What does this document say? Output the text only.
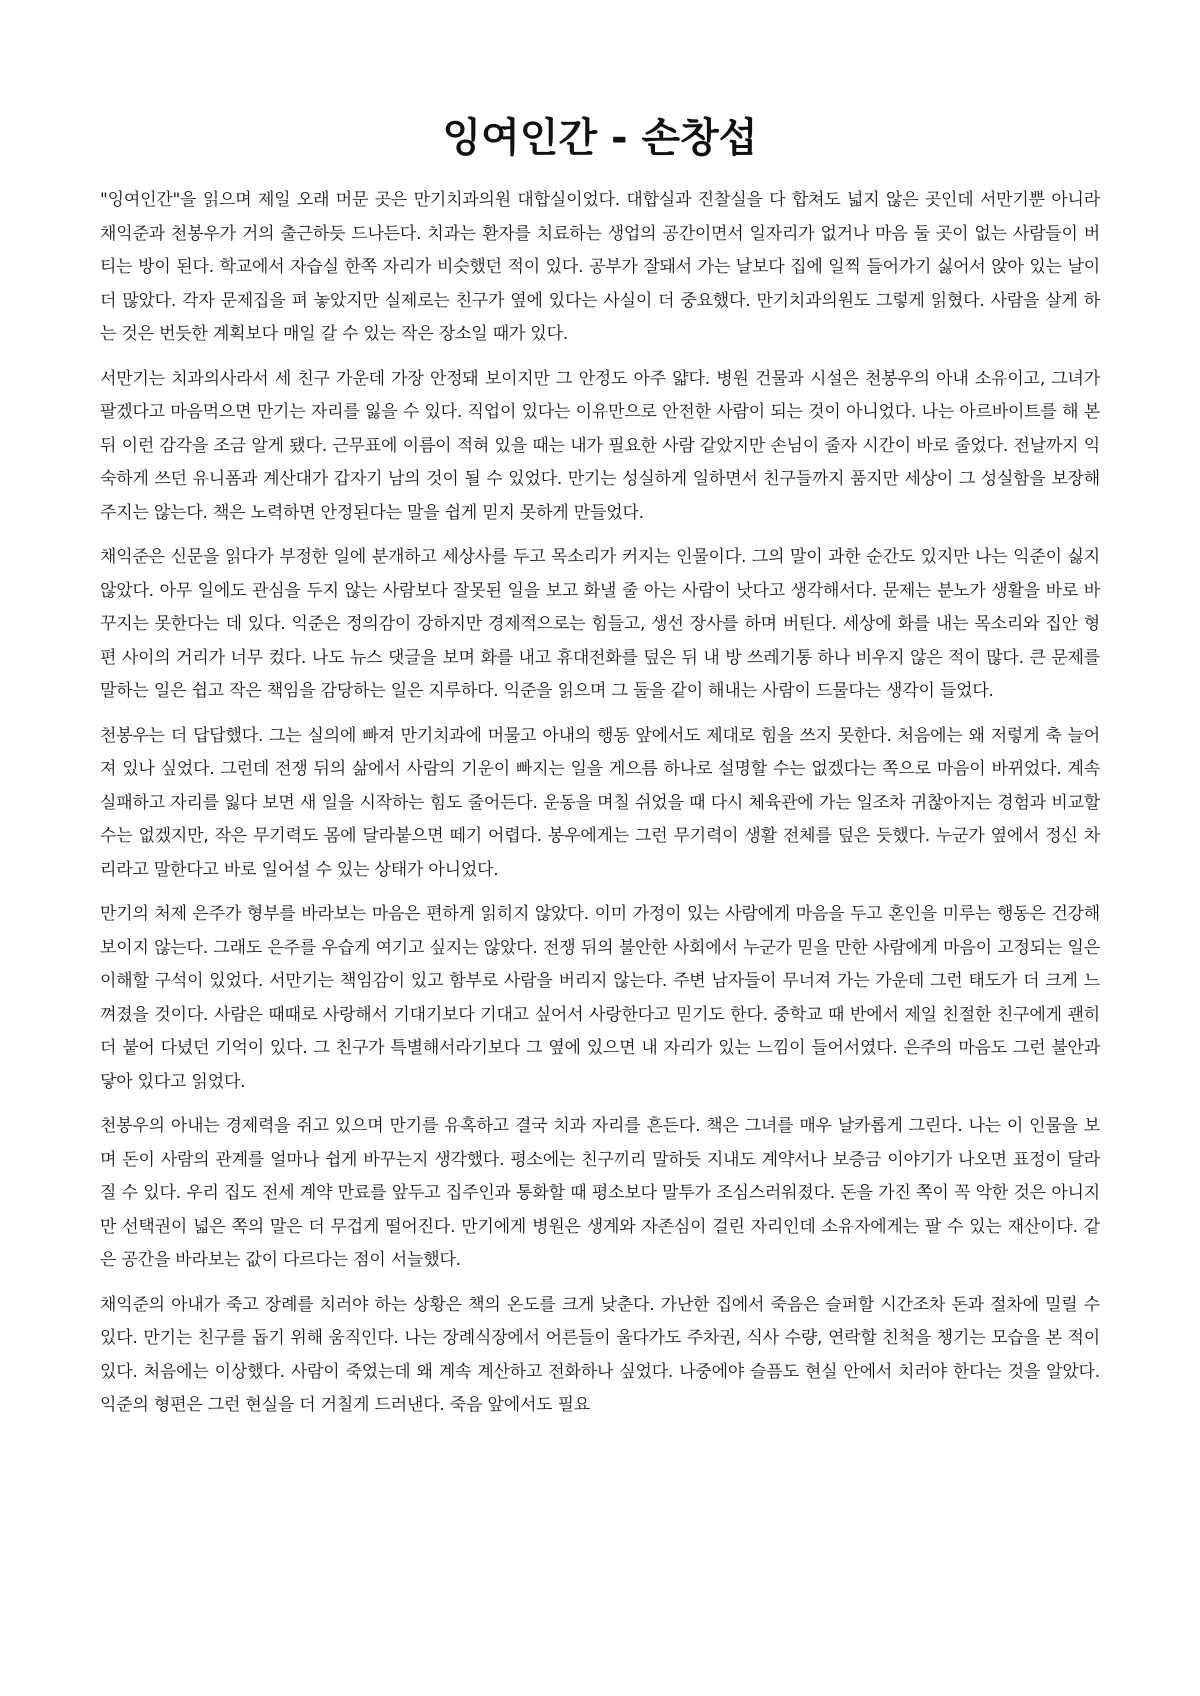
잉여인간 - 손창섭

"잉여인간"을 읽으며 제일 오래 머문 곳은 만기치과의원 대합실이었다. 대합실과 진찰실을 다 합쳐도 넓지 않은 곳인데 서만기뿐 아니라 채익준과 천봉우가 거의 출근하듯 드나든다. 치과는 환자를 치료하는 생업의 공간이면서 일자리가 없거나 마음 둘 곳이 없는 사람들이 버티는 방이 된다. 학교에서 자습실 한쪽 자리가 비슷했던 적이 있다. 공부가 잘돼서 가는 날보다 집에 일찍 들어가기 싫어서 앉아 있는 날이 더 많았다. 각자 문제집을 펴 놓았지만 실제로는 친구가 옆에 있다는 사실이 더 중요했다. 만기치과의원도 그렇게 읽혔다. 사람을 살게 하는 것은 번듯한 계획보다 매일 갈 수 있는 작은 장소일 때가 있다.

서만기는 치과의사라서 세 친구 가운데 가장 안정돼 보이지만 그 안정도 아주 얇다. 병원 건물과 시설은 천봉우의 아내 소유이고, 그녀가 팔겠다고 마음먹으면 만기는 자리를 잃을 수 있다. 직업이 있다는 이유만으로 안전한 사람이 되는 것이 아니었다. 나는 아르바이트를 해 본 뒤 이런 감각을 조금 알게 됐다. 근무표에 이름이 적혀 있을 때는 내가 필요한 사람 같았지만 손님이 줄자 시간이 바로 줄었다. 전날까지 익숙하게 쓰던 유니폼과 계산대가 갑자기 남의 것이 될 수 있었다. 만기는 성실하게 일하면서 친구들까지 품지만 세상이 그 성실함을 보장해 주지는 않는다. 책은 노력하면 안정된다는 말을 쉽게 믿지 못하게 만들었다.

채익준은 신문을 읽다가 부정한 일에 분개하고 세상사를 두고 목소리가 커지는 인물이다. 그의 말이 과한 순간도 있지만 나는 익준이 싫지 않았다. 아무 일에도 관심을 두지 않는 사람보다 잘못된 일을 보고 화낼 줄 아는 사람이 낫다고 생각해서다. 문제는 분노가 생활을 바로 바꾸지는 못한다는 데 있다. 익준은 정의감이 강하지만 경제적으로는 힘들고, 생선 장사를 하며 버틴다. 세상에 화를 내는 목소리와 집안 형편 사이의 거리가 너무 컸다. 나도 뉴스 댓글을 보며 화를 내고 휴대전화를 덮은 뒤 내 방 쓰레기통 하나 비우지 않은 적이 많다. 큰 문제를 말하는 일은 쉽고 작은 책임을 감당하는 일은 지루하다. 익준을 읽으며 그 둘을 같이 해내는 사람이 드물다는 생각이 들었다.

천봉우는 더 답답했다. 그는 실의에 빠져 만기치과에 머물고 아내의 행동 앞에서도 제대로 힘을 쓰지 못한다. 처음에는 왜 저렇게 축 늘어져 있나 싶었다. 그런데 전쟁 뒤의 삶에서 사람의 기운이 빠지는 일을 게으름 하나로 설명할 수는 없겠다는 쪽으로 마음이 바뀌었다. 계속 실패하고 자리를 잃다 보면 새 일을 시작하는 힘도 줄어든다. 운동을 며칠 쉬었을 때 다시 체육관에 가는 일조차 귀찮아지는 경험과 비교할 수는 없겠지만, 작은 무기력도 몸에 달라붙으면 떼기 어렵다. 봉우에게는 그런 무기력이 생활 전체를 덮은 듯했다. 누군가 옆에서 정신 차리라고 말한다고 바로 일어설 수 있는 상태가 아니었다.

만기의 처제 은주가 형부를 바라보는 마음은 편하게 읽히지 않았다. 이미 가정이 있는 사람에게 마음을 두고 혼인을 미루는 행동은 건강해 보이지 않는다. 그래도 은주를 우습게 여기고 싶지는 않았다. 전쟁 뒤의 불안한 사회에서 누군가 믿을 만한 사람에게 마음이 고정되는 일은 이해할 구석이 있었다. 서만기는 책임감이 있고 함부로 사람을 버리지 않는다. 주변 남자들이 무너져 가는 가운데 그런 태도가 더 크게 느껴졌을 것이다. 사람은 때때로 사랑해서 기대기보다 기대고 싶어서 사랑한다고 믿기도 한다. 중학교 때 반에서 제일 친절한 친구에게 괜히 더 붙어 다녔던 기억이 있다. 그 친구가 특별해서라기보다 그 옆에 있으면 내 자리가 있는 느낌이 들어서였다. 은주의 마음도 그런 불안과 닿아 있다고 읽었다.

천봉우의 아내는 경제력을 쥐고 있으며 만기를 유혹하고 결국 치과 자리를 흔든다. 책은 그녀를 매우 날카롭게 그린다. 나는 이 인물을 보며 돈이 사람의 관계를 얼마나 쉽게 바꾸는지 생각했다. 평소에는 친구끼리 말하듯 지내도 계약서나 보증금 이야기가 나오면 표정이 달라질 수 있다. 우리 집도 전세 계약 만료를 앞두고 집주인과 통화할 때 평소보다 말투가 조심스러워졌다. 돈을 가진 쪽이 꼭 악한 것은 아니지만 선택권이 넓은 쪽의 말은 더 무겁게 떨어진다. 만기에게 병원은 생계와 자존심이 걸린 자리인데 소유자에게는 팔 수 있는 재산이다. 같은 공간을 바라보는 값이 다르다는 점이 서늘했다.

채익준의 아내가 죽고 장례를 치러야 하는 상황은 책의 온도를 크게 낮춘다. 가난한 집에서 죽음은 슬퍼할 시간조차 돈과 절차에 밀릴 수 있다. 만기는 친구를 돕기 위해 움직인다. 나는 장례식장에서 어른들이 울다가도 주차권, 식사 수량, 연락할 친척을 챙기는 모습을 본 적이 있다. 처음에는 이상했다. 사람이 죽었는데 왜 계속 계산하고 전화하나 싶었다. 나중에야 슬픔도 현실 안에서 치러야 한다는 것을 알았다. 익준의 형편은 그런 현실을 더 거칠게 드러낸다. 죽음 앞에서도 필요
